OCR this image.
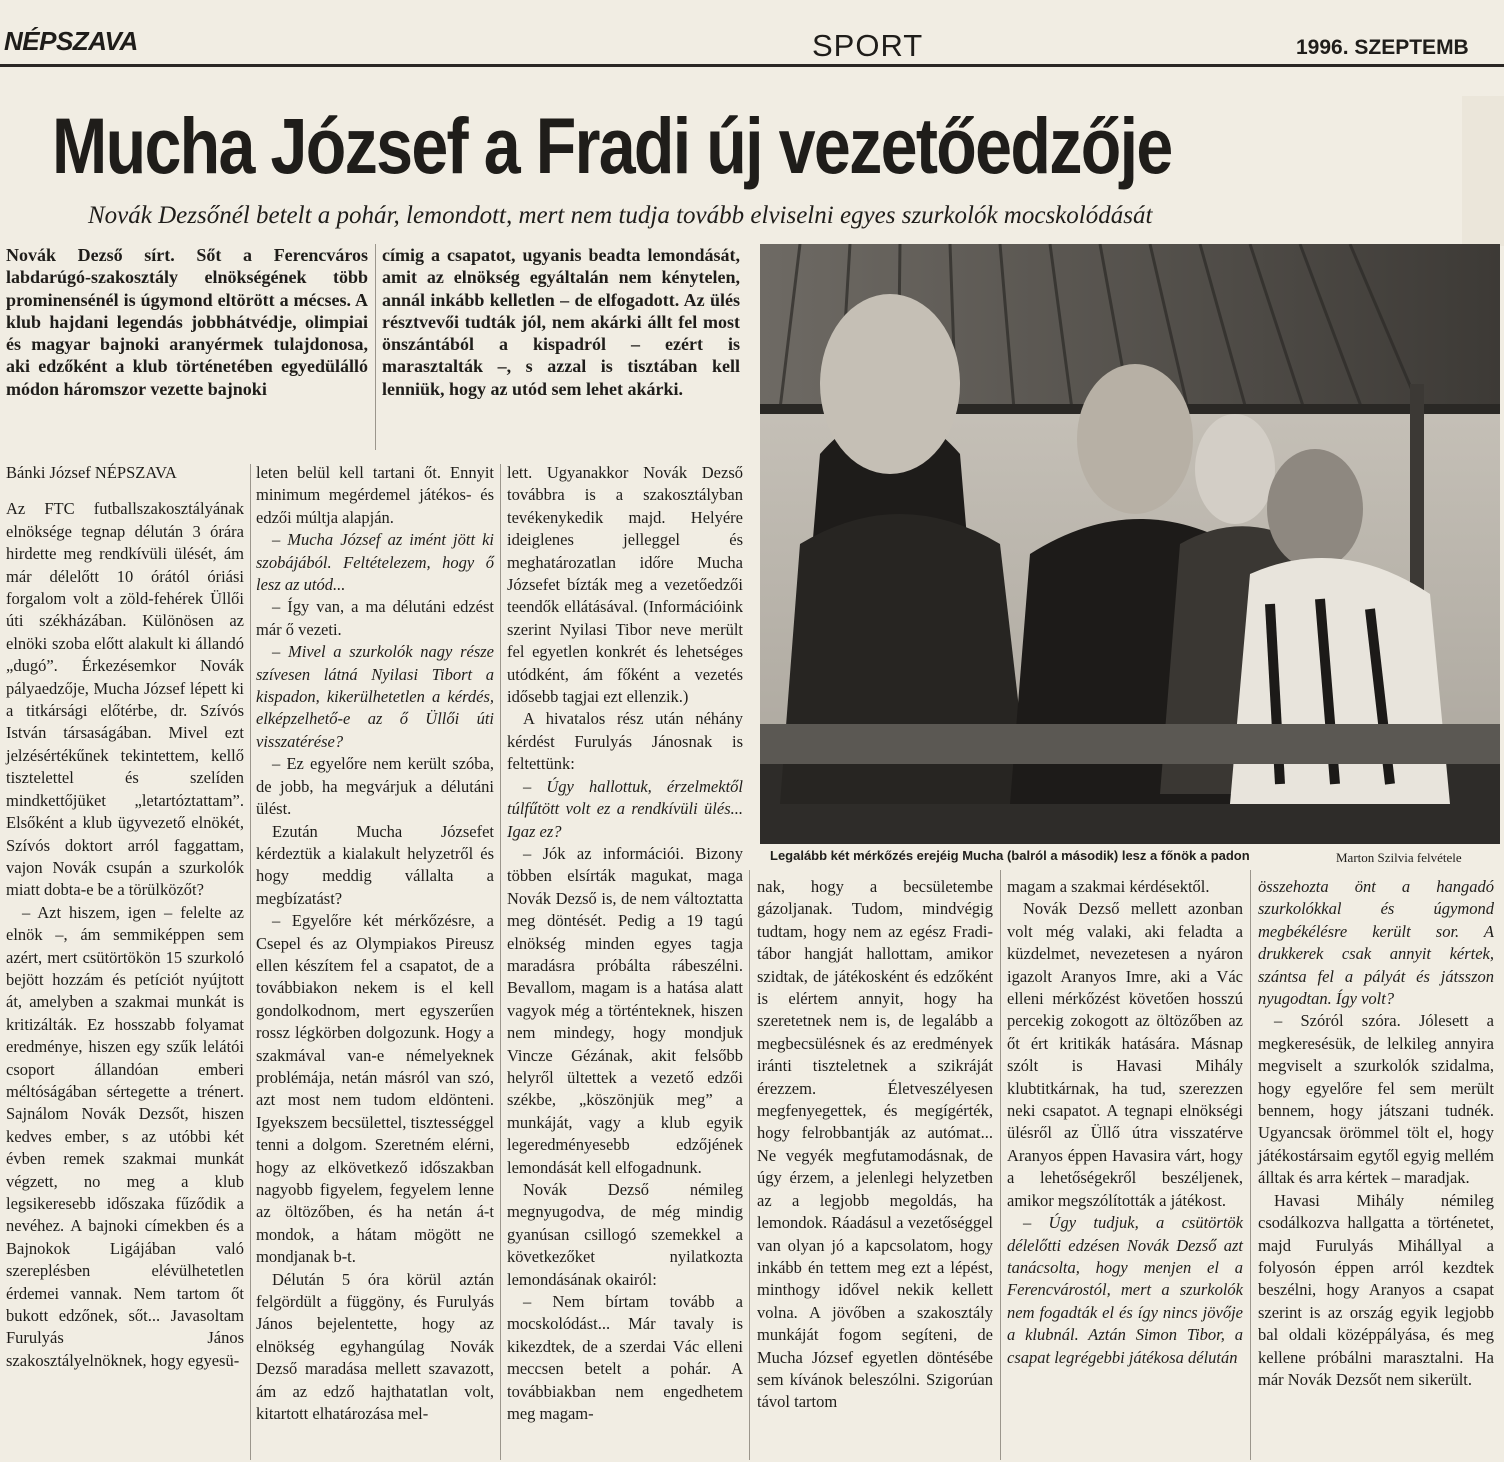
NÉPSZAVA	SPORT	1996. SZEPTEMB
Mucha József a Fradi új vezetőedzője
Novák Dezsőnél betelt a pohár, lemondott, mert nem tudja tovább elviselni egyes szurkolók mocskolódását
Novák Dezső sírt. Sőt a Ferencváros labdarúgó-szakosztály elnökségének több prominensénél is úgymond eltörött a mécses. A klub hajdani legendás jobbhátvédje, olimpiai és magyar bajnoki aranyérmek tulajdonosa, aki edzőként a klub történetében egyedülálló módon háromszor vezette bajnoki
címig a csapatot, ugyanis beadta lemondását, amit az elnökség egyáltalán nem kénytelen, annál inkább kelletlen – de elfogadott. Az ülés résztvevői tudták jól, nem akárki állt fel most önszántából a kispadról – ezért is marasztalták –, s azzal is tisztában kell lenniük, hogy az utód sem lehet akárki.
Legalább két mérkőzés erejéig Mucha (balról a második) lesz a főnök a padon	Marton Szilvia felvétele

Bánki József NÉPSZAVA

Az FTC futballszakosztályának elnöksége tegnap délután 3 órára hirdette meg rendkívüli ülését, ám már délelőtt 10 órától óriási forgalom volt a zöld-fehérek Üllői úti székházában. Különösen az elnöki szoba előtt alakult ki állandó „dugó”. Érkezésemkor Novák pályaedzője, Mucha József lépett ki a titkársági előtérbe, dr. Szívós István társaságában. Mivel ezt jelzésértékűnek tekintettem, kellő tisztelettel és szelíden mindkettőjüket „letartóztattam”. Elsőként a klub ügyvezető elnökét, Szívós doktort arról faggattam, vajon Novák csupán a szurkolók miatt dobta-e be a törülközőt?

– Azt hiszem, igen – felelte az elnök –, ám semmiképpen sem azért, mert csütörtökön 15 szurkoló bejött hozzám és petíciót nyújtott át, amelyben a szakmai munkát is kritizálták. Ez hosszabb folyamat eredménye, hiszen egy szűk lelátói csoport állandóan emberi méltóságában sértegette a trénert. Sajnálom Novák Dezsőt, hiszen kedves ember, s az utóbbi két évben remek szakmai munkát végzett, no meg a klub legsikeresebb időszaka fűződik a nevéhez. A bajnoki címekben és a Bajnokok Ligájában való szereplésben elévülhetetlen érdemei vannak. Nem tartom őt bukott edzőnek, sőt... Javasoltam Furulyás János szakosztályelnöknek, hogy egyesü-

leten belül kell tartani őt. Ennyit minimum megérdemel játékos- és edzői múltja alapján.

– Mucha József az imént jött ki szobájából. Feltételezem, hogy ő lesz az utód...

– Így van, a ma délutáni edzést már ő vezeti.

– Mivel a szurkolók nagy része szívesen látná Nyilasi Tibort a kispadon, kikerülhetetlen a kérdés, elképzelhető-e az ő Üllői úti visszatérése?

– Ez egyelőre nem került szóba, de jobb, ha megvárjuk a délutáni ülést.

Ezután Mucha Józsefet kérdeztük a kialakult helyzetről és hogy meddig vállalta a megbízatást?

– Egyelőre két mérkőzésre, a Csepel és az Olympiakos Pireusz ellen készítem fel a csapatot, de a továbbiakon nekem is el kell gondolkodnom, mert egyszerűen rossz légkörben dolgozunk. Hogy a szakmával van-e némelyeknek problémája, netán másról van szó, azt most nem tudom eldönteni. Igyekszem becsülettel, tisztességgel tenni a dolgom. Szeretném elérni, hogy az elkövetkező időszakban nagyobb figyelem, fegyelem lenne az öltözőben, és ha netán á-t mondok, a hátam mögött ne mondjanak b-t.

Délután 5 óra körül aztán felgördült a függöny, és Furulyás János bejelentette, hogy az elnökség egyhangúlag Novák Dezső maradása mellett szavazott, ám az edző hajthatatlan volt, kitartott elhatározása mel-

lett. Ugyanakkor Novák Dezső továbbra is a szakosztályban tevékenykedik majd. Helyére ideiglenes jelleggel és meghatározatlan időre Mucha Józsefet bízták meg a vezetőedzői teendők ellátásával. (Információink szerint Nyilasi Tibor neve merült fel egyetlen konkrét és lehetséges utódként, ám főként a vezetés idősebb tagjai ezt ellenzik.)

A hivatalos rész után néhány kérdést Furulyás Jánosnak is feltettünk:

– Úgy hallottuk, érzelmektől túlfűtött volt ez a rendkívüli ülés... Igaz ez?

– Jók az információi. Bizony többen elsírták magukat, maga Novák Dezső is, de nem változtatta meg döntését. Pedig a 19 tagú elnökség minden egyes tagja maradásra próbálta rábeszélni. Bevallom, magam is a hatása alatt vagyok még a történteknek, hiszen nem mindegy, hogy mondjuk Vincze Gézának, akit felsőbb helyről ültettek a vezető edzői székbe, „köszönjük meg” a munkáját, vagy a klub egyik legeredményesebb edzőjének lemondását kell elfogadnunk.

Novák Dezső némileg megnyugodva, de még mindig gyanúsan csillogó szemekkel a következőket nyilatkozta lemondásának okairól:

– Nem bírtam tovább a mocskolódást... Már tavaly is kikezdtek, de a szerdai Vác elleni meccsen betelt a pohár. A továbbiakban nem engedhetem meg magam-

nak, hogy a becsületembe gázoljanak. Tudom, mindvégig tudtam, hogy nem az egész Fradi-tábor hangját hallottam, amikor szidtak, de játékosként és edzőként is elértem annyit, hogy ha szeretetnek nem is, de legalább a megbecsülésnek és az eredmények iránti tiszteletnek a szikráját érezzem. Életveszélyesen megfenyegettek, és megígérték, hogy felrobbantják az autómat... Ne vegyék megfutamodásnak, de úgy érzem, a jelenlegi helyzetben az a legjobb megoldás, ha lemondok. Ráadásul a vezetőséggel van olyan jó a kapcsolatom, hogy inkább én tettem meg ezt a lépést, minthogy idővel nekik kellett volna. A jövőben a szakosztály munkáját fogom segíteni, de Mucha József egyetlen döntésébe sem kívánok beleszólni. Szigorúan távol tartom

magam a szakmai kérdésektől.

Novák Dezső mellett azonban volt még valaki, aki feladta a küzdelmet, nevezetesen a nyáron igazolt Aranyos Imre, aki a Vác elleni mérkőzést követően hosszú percekig zokogott az öltözőben az őt ért kritikák hatására. Másnap szólt is Havasi Mihály klubtitkárnak, ha tud, szerezzen neki csapatot. A tegnapi elnökségi ülésről az Üllő útra visszatérve Aranyos éppen Havasira várt, hogy a lehetőségekről beszéljenek, amikor megszólították a játékost.

– Úgy tudjuk, a csütörtök délelőtti edzésen Novák Dezső azt tanácsolta, hogy menjen el a Ferencvárostól, mert a szurkolók nem fogadták el és így nincs jövője a klubnál. Aztán Simon Tibor, a csapat legrégebbi játékosa délután

összehozta önt a hangadó szurkolókkal és úgymond megbékélésre került sor. A drukkerek csak annyit kértek, szántsa fel a pályát és játsszon nyugodtan. Így volt?

– Szóról szóra. Jólesett a megkeresésük, de lelkileg annyira megviselt a szurkolók szidalma, hogy egyelőre fel sem merült bennem, hogy játszani tudnék. Ugyancsak örömmel tölt el, hogy játékostársaim egytől egyig mellém álltak és arra kértek – maradjak.

Havasi Mihály némileg csodálkozva hallgatta a történetet, majd Furulyás Mihállyal a folyosón éppen arról kezdtek beszélni, hogy Aranyos a csapat szerint is az ország egyik legjobb bal oldali középpályása, és meg kellene próbálni marasztalni. Ha már Novák Dezsőt nem sikerült.
